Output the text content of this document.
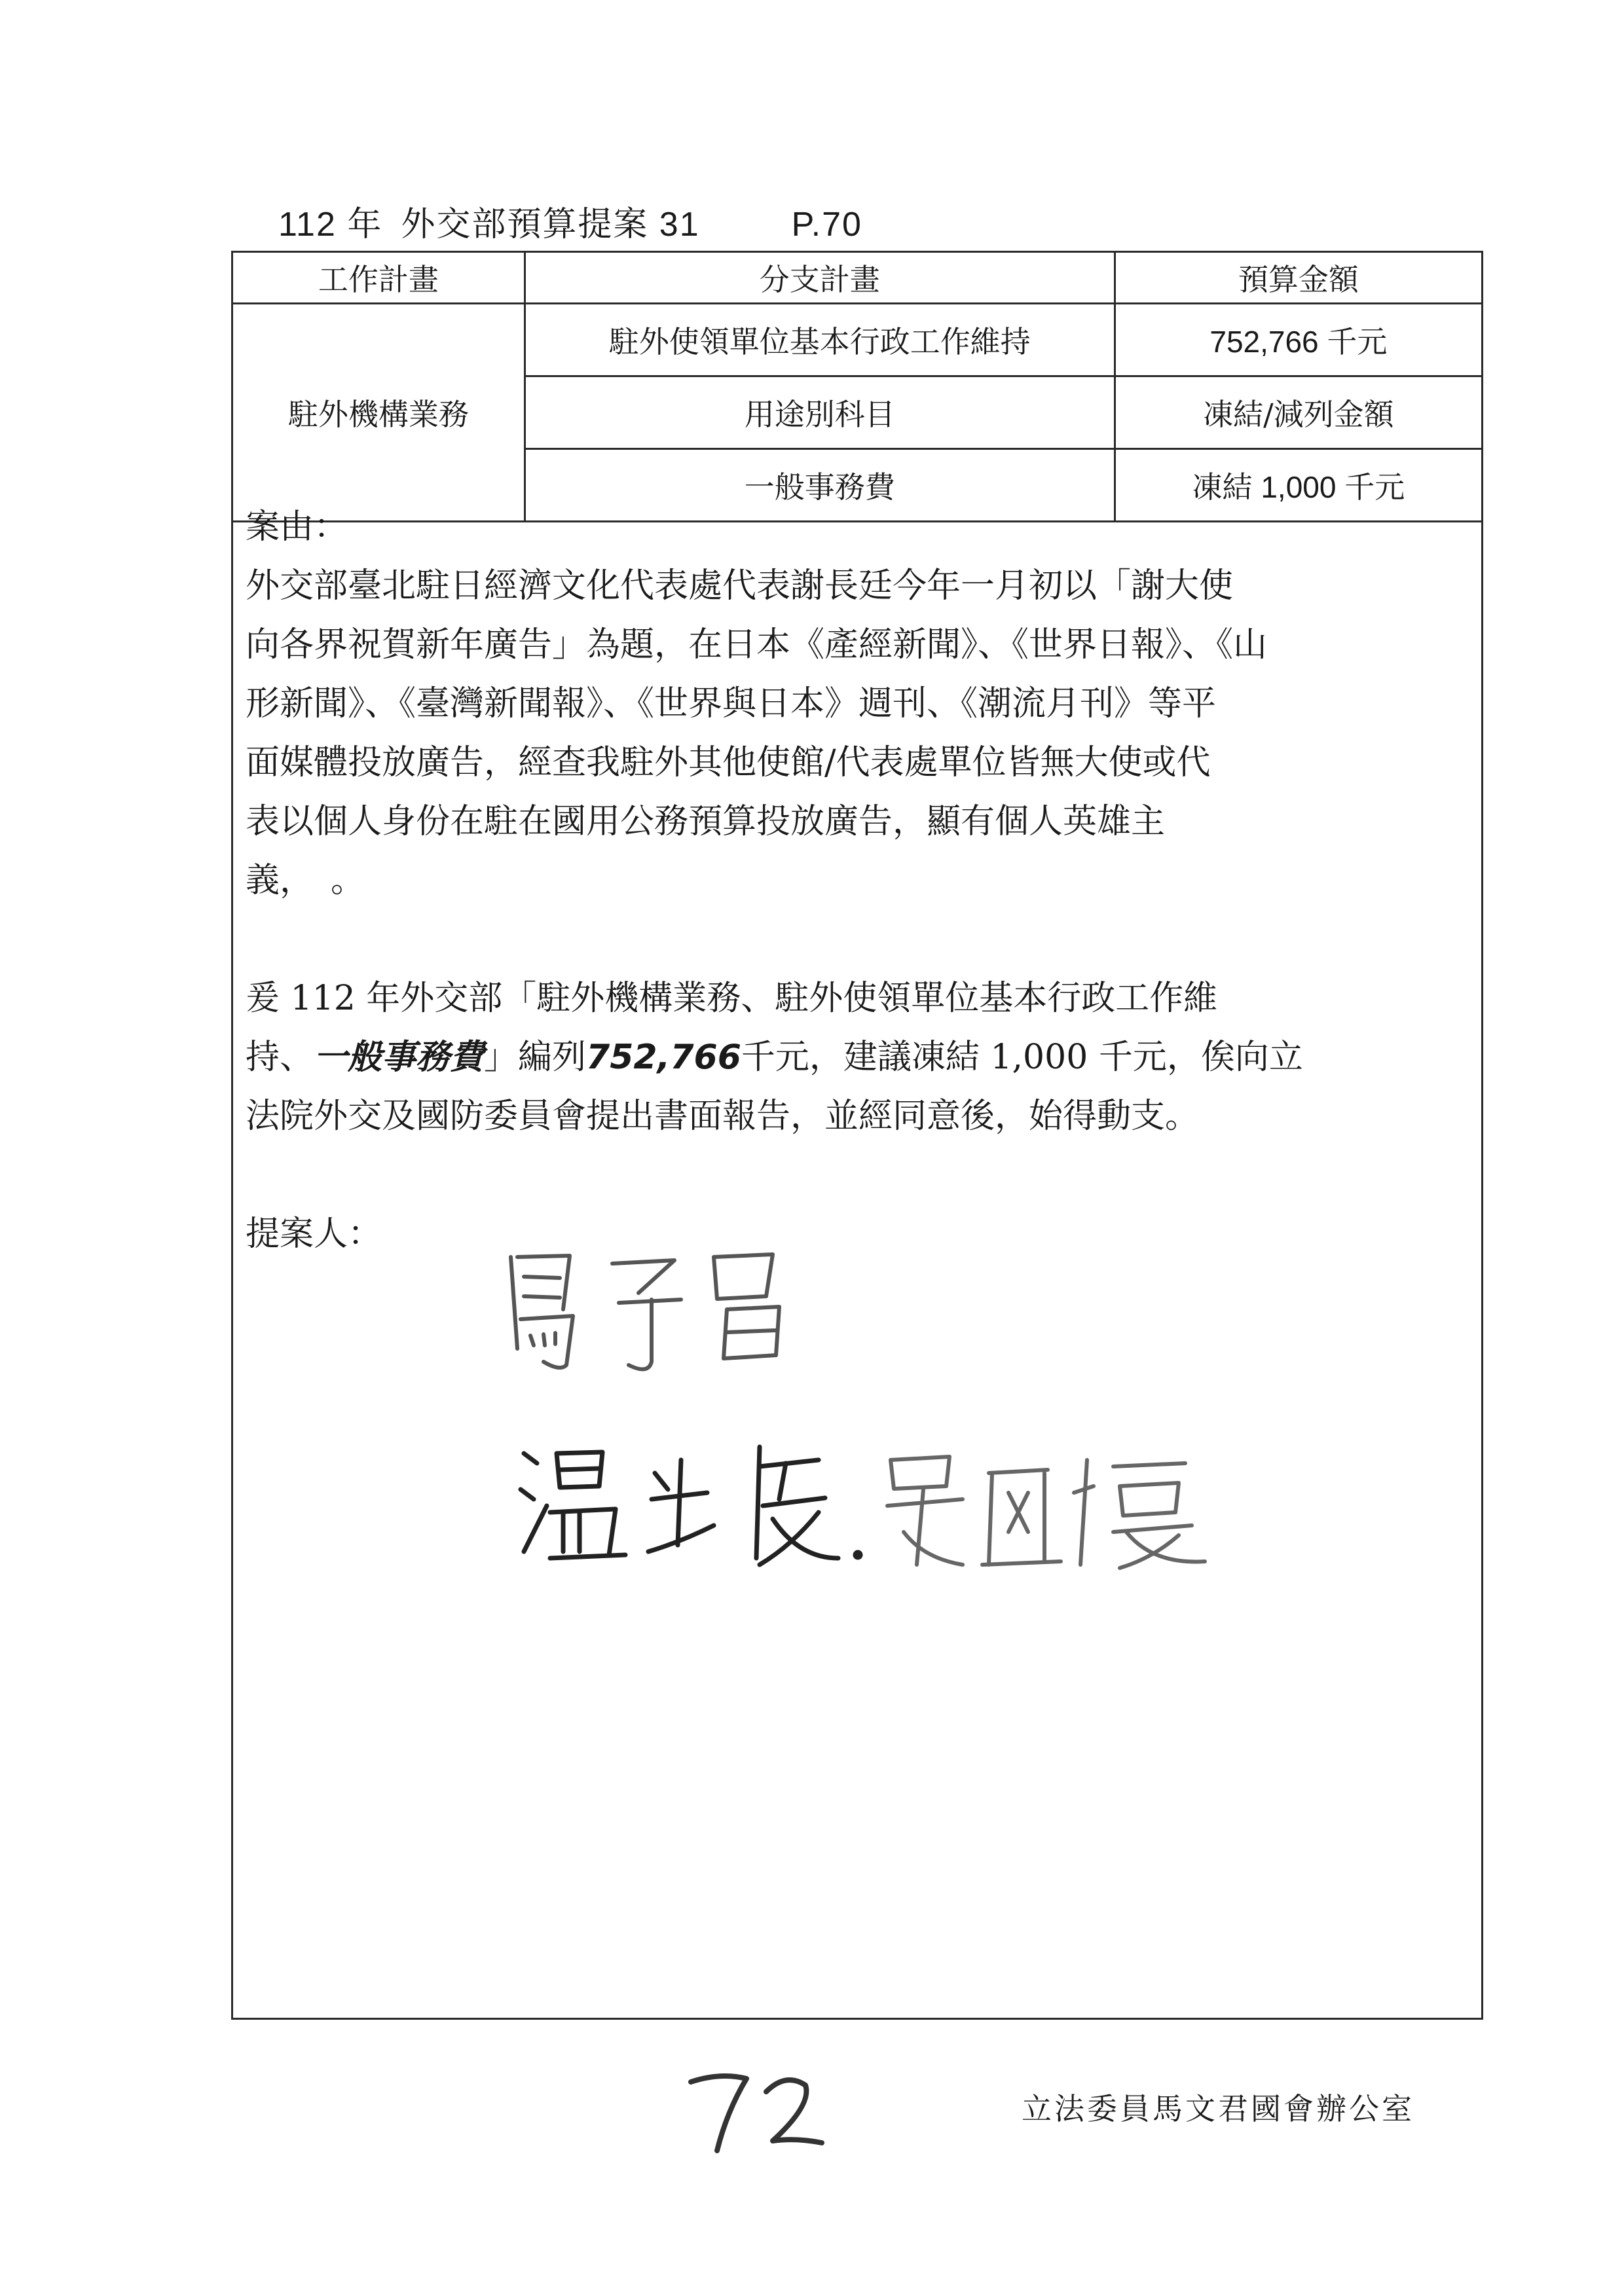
112 年 外交部預算提案 31	P.70
工作計畫	分支計畫	預算金額
駐外機構業務	駐外使領單位基本行政工作維持	752,766 千元
	用途別科目	凍結/減列金額
	一般事務費	凍結 1,000 千元

案由：

外交部臺北駐日經濟文化代表處代表謝長廷今年一月初以「謝大使

向各界祝賀新年廣告」為題，在日本《產經新聞》、《世界日報》、《山

形新聞》、《臺灣新聞報》、《世界與日本》週刊、《潮流月刊》等平

面媒體投放廣告，經查我駐外其他使館/代表處單位皆無大使或代

表以個人身份在駐在國用公務預算投放廣告，顯有個人英雄主

義，　。

爰 112 年外交部「駐外機構業務、駐外使領單位基本行政工作維

持、一般事務費」編列752,766千元，建議凍結 1,000 千元，俟向立

法院外交及國防委員會提出書面報告，並經同意後，始得動支。

提案人：

立法委員馬文君國會辦公室
